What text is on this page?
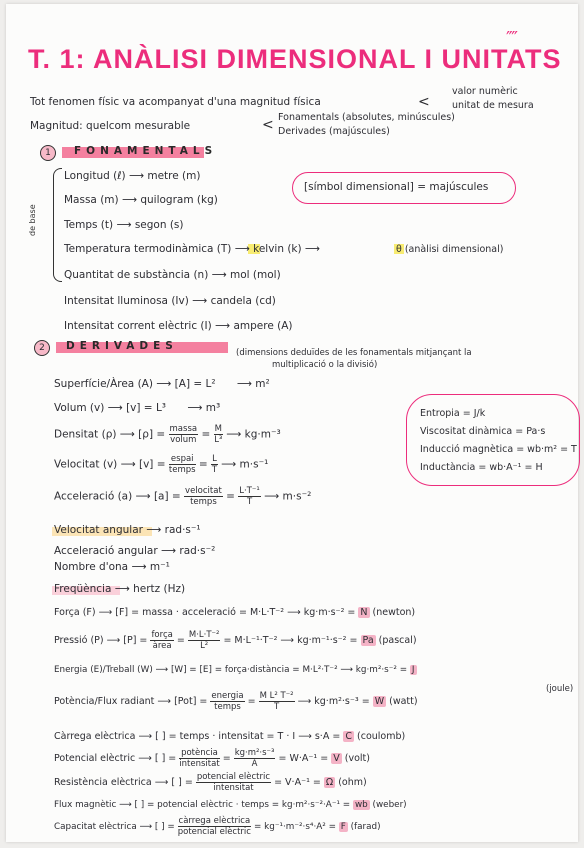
T. 1: ANÀLISI DIMENSIONAL I UNITATS
⁗
Tot fenomen físic va acompanyat d'una magnitud física	<
valor numèric
unitat de mesura
Magnitud: quelcom mesurable	< Fonamentals (absolutes, minúscules)
Derivades (majúscules)
1	FONAMENTALS
de base
Longitud (ℓ) ⟶ metre (m)
Massa (m) ⟶ quilogram (kg)
Temps (t) ⟶ segon (s)
Temperatura termodinàmica (T) ⟶ kelvin (k) ⟶	θ (anàlisi dimensional)
Quantitat de substància (n) ⟶ mol (mol)
Intensitat lluminosa (Iv) ⟶ candela (cd)
Intensitat corrent elèctric (I) ⟶ ampere (A)
[símbol dimensional] = majúscules
2	DERIVADES
(dimensions deduïdes de les fonamentals mitjançant la
multiplicació o la divisió)
Entropia = J/k
Viscositat dinàmica = Pa·s
Inducció magnètica = wb·m² = T
Inductància = wb·A⁻¹ = H
Superfície/Àrea (A) ⟶ [A] = L² ⟶ m²
Volum (v) ⟶ [v] = L³ ⟶ m³
Densitat (ρ) ⟶ [ρ] = massa
volum = $\frac{M}{\text{L³}}$ ⟶ kg·m⁻³
Velocitat (v) ⟶ [v] = espai
temps = $\frac{L}{T}$ ⟶ m·s⁻¹
Acceleració (a) ⟶ [a] = velocitat
temps = $\frac{\text{L·T⁻¹}}{T}$ ⟶ m·s⁻²
Velocitat angular ⟶ rad·s⁻¹
Acceleració angular ⟶ rad·s⁻²
Nombre d'ona ⟶ m⁻¹
Freqüència ⟶ hertz (Hz)
Força (F) ⟶ [F] = massa · acceleració = M·L·T⁻² ⟶ kg·m·s⁻² = N (newton)
Pressió (P) ⟶ [P] = força
àrea = $\frac{\text{M·L·T⁻²}}{\text{L²}} = M\cdot L^{-1}\cdot T^{-2}$ ⟶ kg·m⁻¹·s⁻² = Pa (pascal)
Energia (E)/Treball (W) ⟶ [W] = [E] = força·distància = M·L²·T⁻² ⟶ kg·m²·s⁻² = J
(joule)
Potència/Flux radiant ⟶ [Pot] = energia
temps = $\frac{\text{M L² T⁻²}}{T}$ ⟶ kg·m²·s⁻³ = W (watt)
Càrrega elèctrica ⟶ [ ] = temps · intensitat = T · I ⟶ s·A = C (coulomb)
Potencial elèctric ⟶ [ ] = potència
intensitat = $\frac{\text{kg·m²·s⁻³}}{A} = W\cdot A^{-1} = V$ (volt)
Resistència elèctrica ⟶ [ ] = potencial elèctric
intensitat	= V·A⁻¹ = Ω (ohm)
Flux magnètic ⟶ [ ] = potencial elèctric · temps = kg·m²·s⁻²·A⁻¹ = wb (weber)
Capacitat elèctrica ⟶ [ ] =
càrrega elèctrica
potencial elèctric = kg⁻¹·m⁻²·s⁴·A² = F (farad)
